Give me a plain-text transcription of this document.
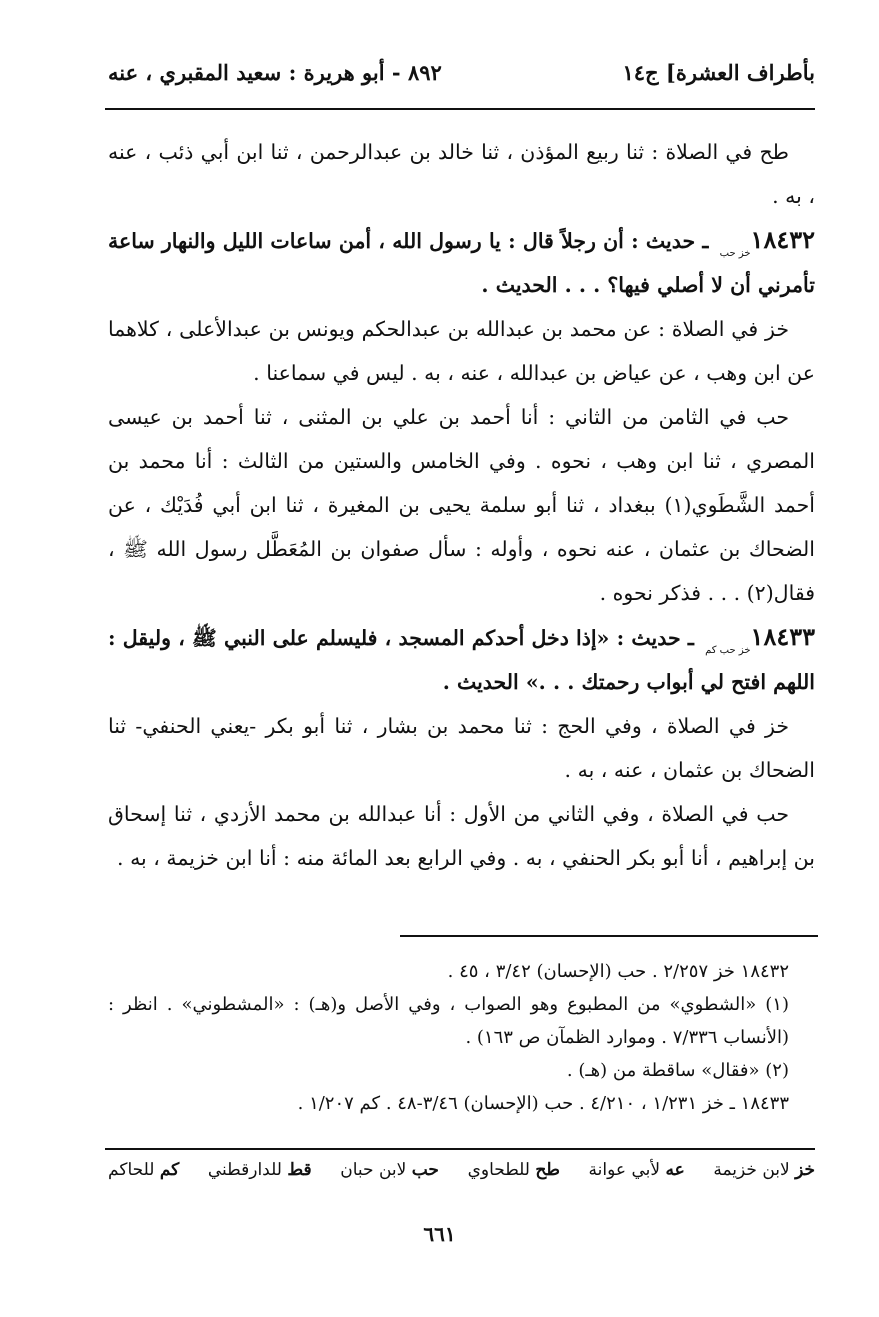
بأطراف العشرة] ج١٤
٨٩٢ - أبو هريرة : سعيد المقبري ، عنه

طح في الصلاة : ثنا ربيع المؤذن ، ثنا خالد بن عبدالرحمن ، ثنا ابن أبي ذئب ، عنه ، به .

١٨٤٣٢خز حب ـ حديث : أن رجلاً قال : يا رسول الله ، أمن ساعات الليل والنهار ساعة تأمرني أن لا أصلي فيها؟ . . . الحديث .

خز في الصلاة : عن محمد بن عبدالله بن عبدالحكم ويونس بن عبدالأعلى ، كلاهما عن ابن وهب ، عن عياض بن عبدالله ، عنه ، به . ليس في سماعنا .

حب في الثامن من الثاني : أنا أحمد بن علي بن المثنى ، ثنا أحمد بن عيسى المصري ، ثنا ابن وهب ، نحوه . وفي الخامس والستين من الثالث : أنا محمد بن أحمد الشَّطَوي(١) ببغداد ، ثنا أبو سلمة يحيى بن المغيرة ، ثنا ابن أبي فُدَيْك ، عن الضحاك بن عثمان ، عنه نحوه ، وأوله : سأل صفوان بن المُعَطَّل رسول الله ﷺ ، فقال(٢) . . . فذكر نحوه .

١٨٤٣٣خز حب كم ـ حديث : «إذا دخل أحدكم المسجد ، فليسلم على النبي ﷺ ، وليقل : اللهم افتح لي أبواب رحمتك . . .» الحديث .

خز في الصلاة ، وفي الحج : ثنا محمد بن بشار ، ثنا أبو بكر -يعني الحنفي- ثنا الضحاك بن عثمان ، عنه ، به .

حب في الصلاة ، وفي الثاني من الأول : أنا عبدالله بن محمد الأزدي ، ثنا إسحاق بن إبراهيم ، أنا أبو بكر الحنفي ، به . وفي الرابع بعد المائة منه : أنا ابن خزيمة ، به .

١٨٤٣٢ خز ٢/٢٥٧ . حب (الإحسان) ٣/٤٢ ، ٤٥ .

(١) «الشطوي» من المطبوع وهو الصواب ، وفي الأصل و(هـ) : «المشطوني» . انظر : (الأنساب ٧/٣٣٦ . وموارد الظمآن ص ١٦٣) .

(٢) «فقال» ساقطة من (هـ) .

١٨٤٣٣ ـ خز ١/٢٣١ ، ٤/٢١٠ . حب (الإحسان) ٣/٤٦-٤٨ . كم ١/٢٠٧ .

خز لابن خزيمة
عه لأبي عوانة
طح للطحاوي
حب لابن حبان
قط للدارقطني
كم للحاكم
٦٦١
